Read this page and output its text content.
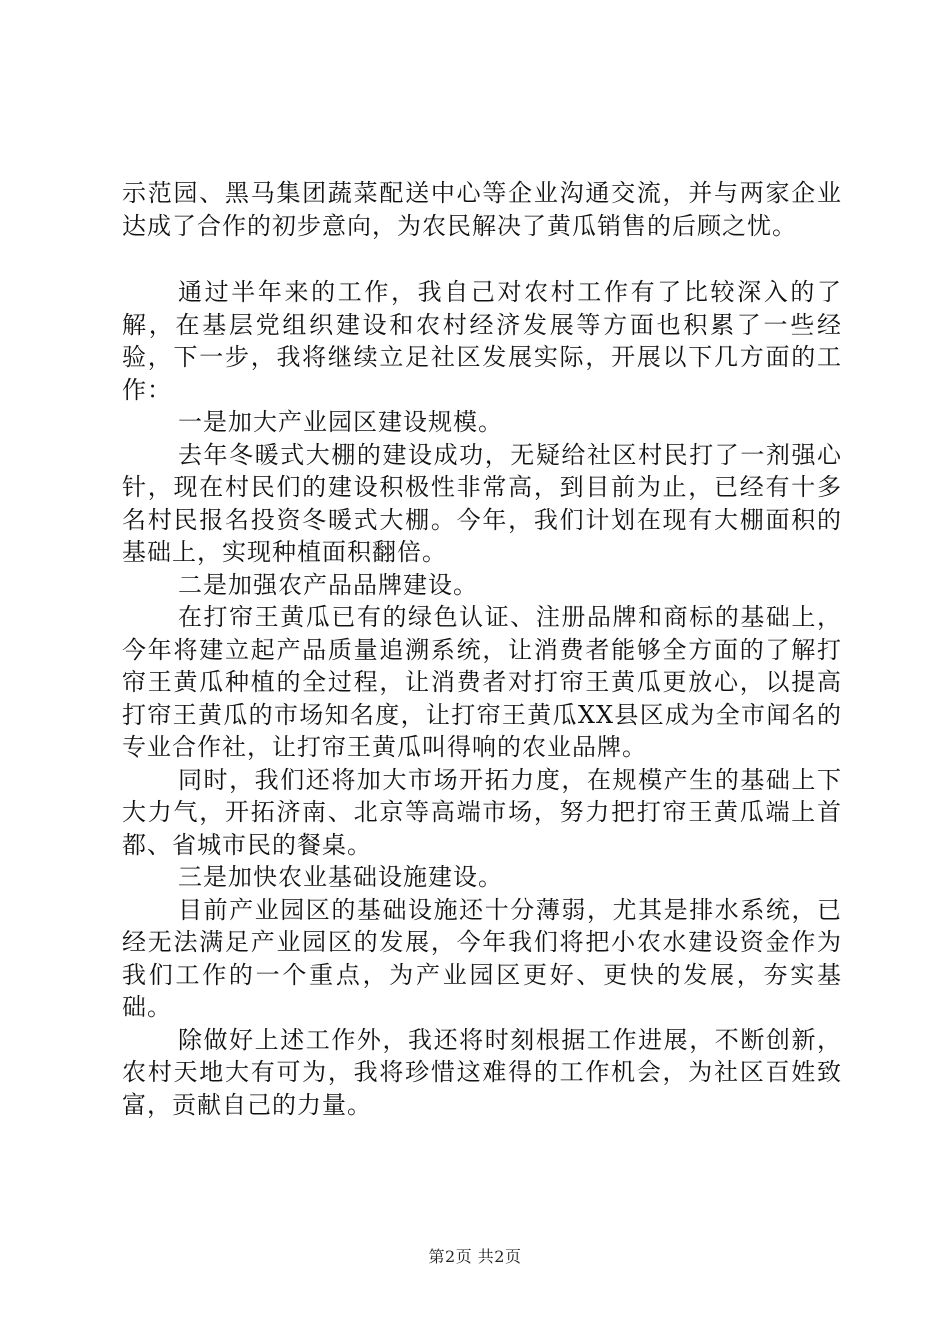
示范园、黑马集团蔬菜配送中心等企业沟通交流，并与两家企业达成了合作的初步意向，为农民解决了黄瓜销售的后顾之忧。

通过半年来的工作，我自己对农村工作有了比较深入的了解，在基层党组织建设和农村经济发展等方面也积累了一些经验，下一步，我将继续立足社区发展实际，开展以下几方面的工作：

一是加大产业园区建设规模。

去年冬暖式大棚的建设成功，无疑给社区村民打了一剂强心针，现在村民们的建设积极性非常高，到目前为止，已经有十多名村民报名投资冬暖式大棚。今年，我们计划在现有大棚面积的基础上，实现种植面积翻倍。

二是加强农产品品牌建设。

在打帘王黄瓜已有的绿色认证、注册品牌和商标的基础上，今年将建立起产品质量追溯系统，让消费者能够全方面的了解打帘王黄瓜种植的全过程，让消费者对打帘王黄瓜更放心，以提高打帘王黄瓜的市场知名度，让打帘王黄瓜XX县区成为全市闻名的专业合作社，让打帘王黄瓜叫得响的农业品牌。

同时，我们还将加大市场开拓力度，在规模产生的基础上下大力气，开拓济南、北京等高端市场，努力把打帘王黄瓜端上首都、省城市民的餐桌。

三是加快农业基础设施建设。

目前产业园区的基础设施还十分薄弱，尤其是排水系统，已经无法满足产业园区的发展，今年我们将把小农水建设资金作为我们工作的一个重点，为产业园区更好、更快的发展，夯实基础。

除做好上述工作外，我还将时刻根据工作进展，不断创新，农村天地大有可为，我将珍惜这难得的工作机会，为社区百姓致富，贡献自己的力量。

第2页 共2页
